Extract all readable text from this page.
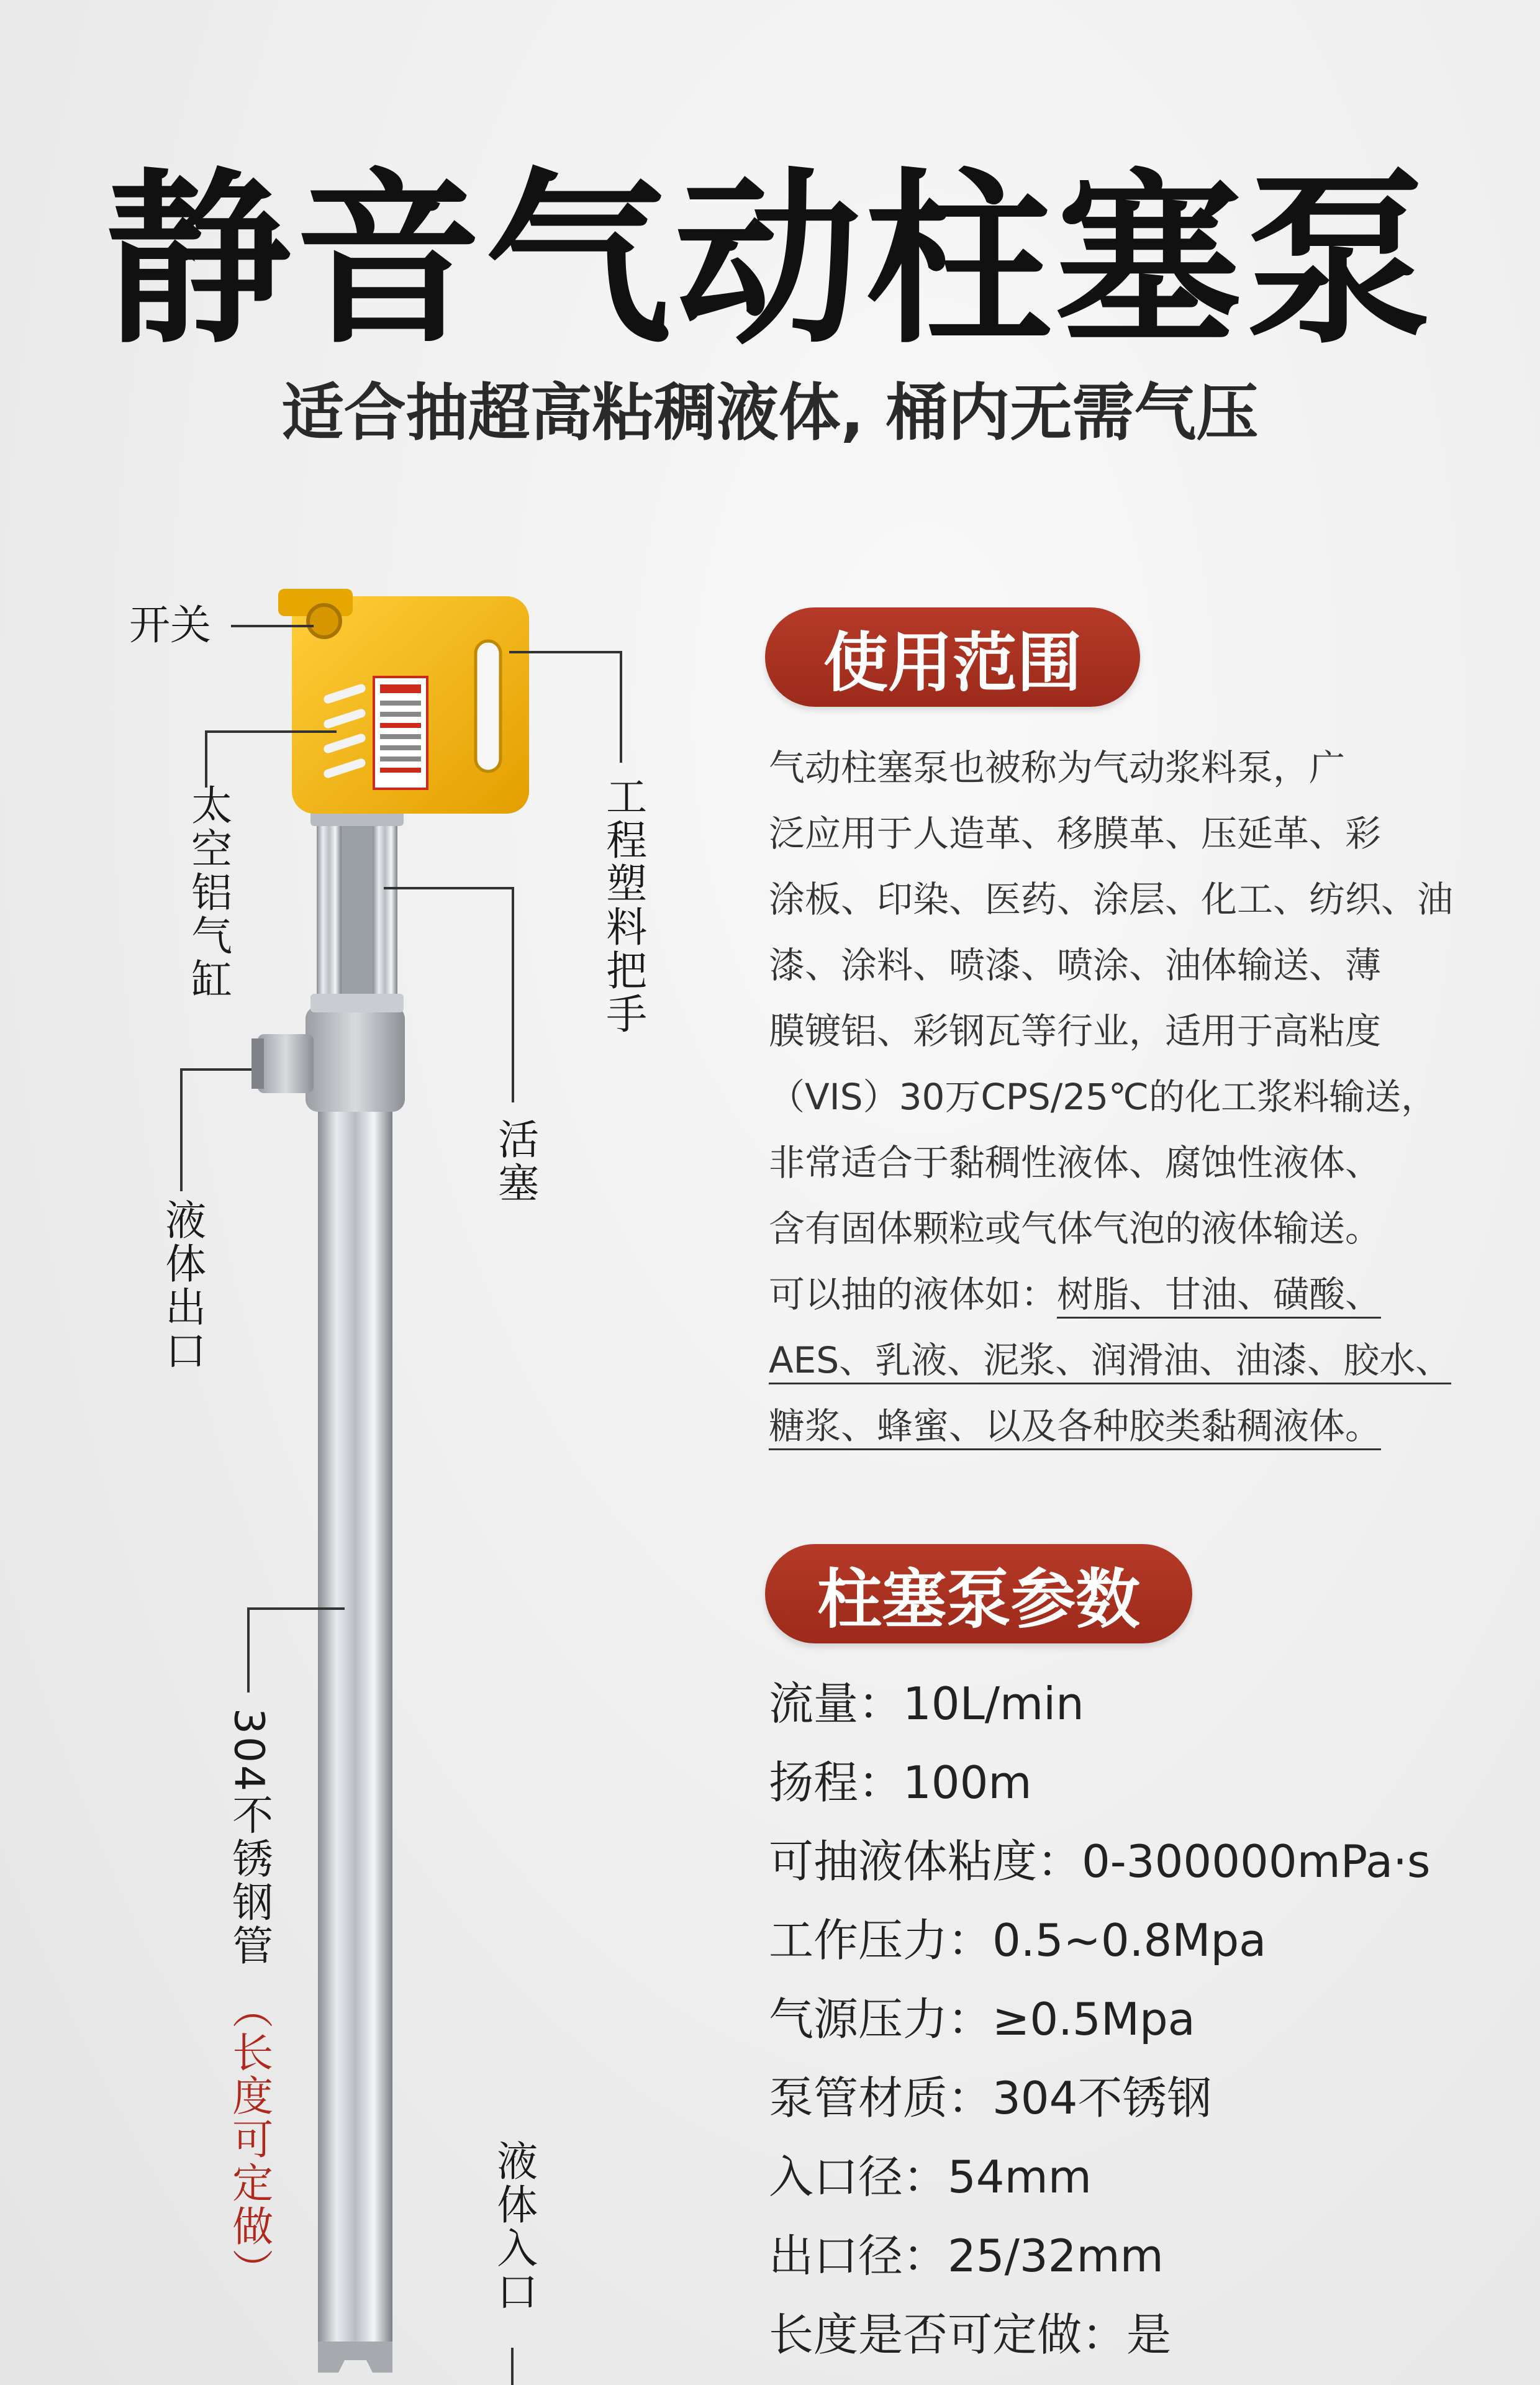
静音气动柱塞泵
适合抽超高粘稠液体, 桶内无需气压
开关
太空铝气缸	工程塑料把手
活塞
液体出口
304不锈钢管
（长度可定做）	液体入口
使用范围

气动柱塞泵也被称为气动浆料泵，广

泛应用于人造革、移膜革、压延革、彩

涂板、印染、医药、涂层、化工、纺织、油

漆、涂料、喷漆、喷涂、油体输送、薄

膜镀铝、彩钢瓦等行业，适用于高粘度

（VIS）30万CPS/25℃的化工浆料输送，

非常适合于黏稠性液体、腐蚀性液体、

含有固体颗粒或气体气泡的液体输送。

可以抽的液体如：树脂、甘油、磺酸、

AES、乳液、泥浆、润滑油、油漆、胶水、

糖浆、蜂蜜、以及各种胶类黏稠液体。

柱塞泵参数
流量：10L/min
扬程：100m
可抽液体粘度：0-300000mPa·s
工作压力：0.5~0.8Mpa
气源压力：≥0.5Mpa
泵管材质：304不锈钢
入口径：54mm
出口径：25/32mm
长度是否可定做：是
